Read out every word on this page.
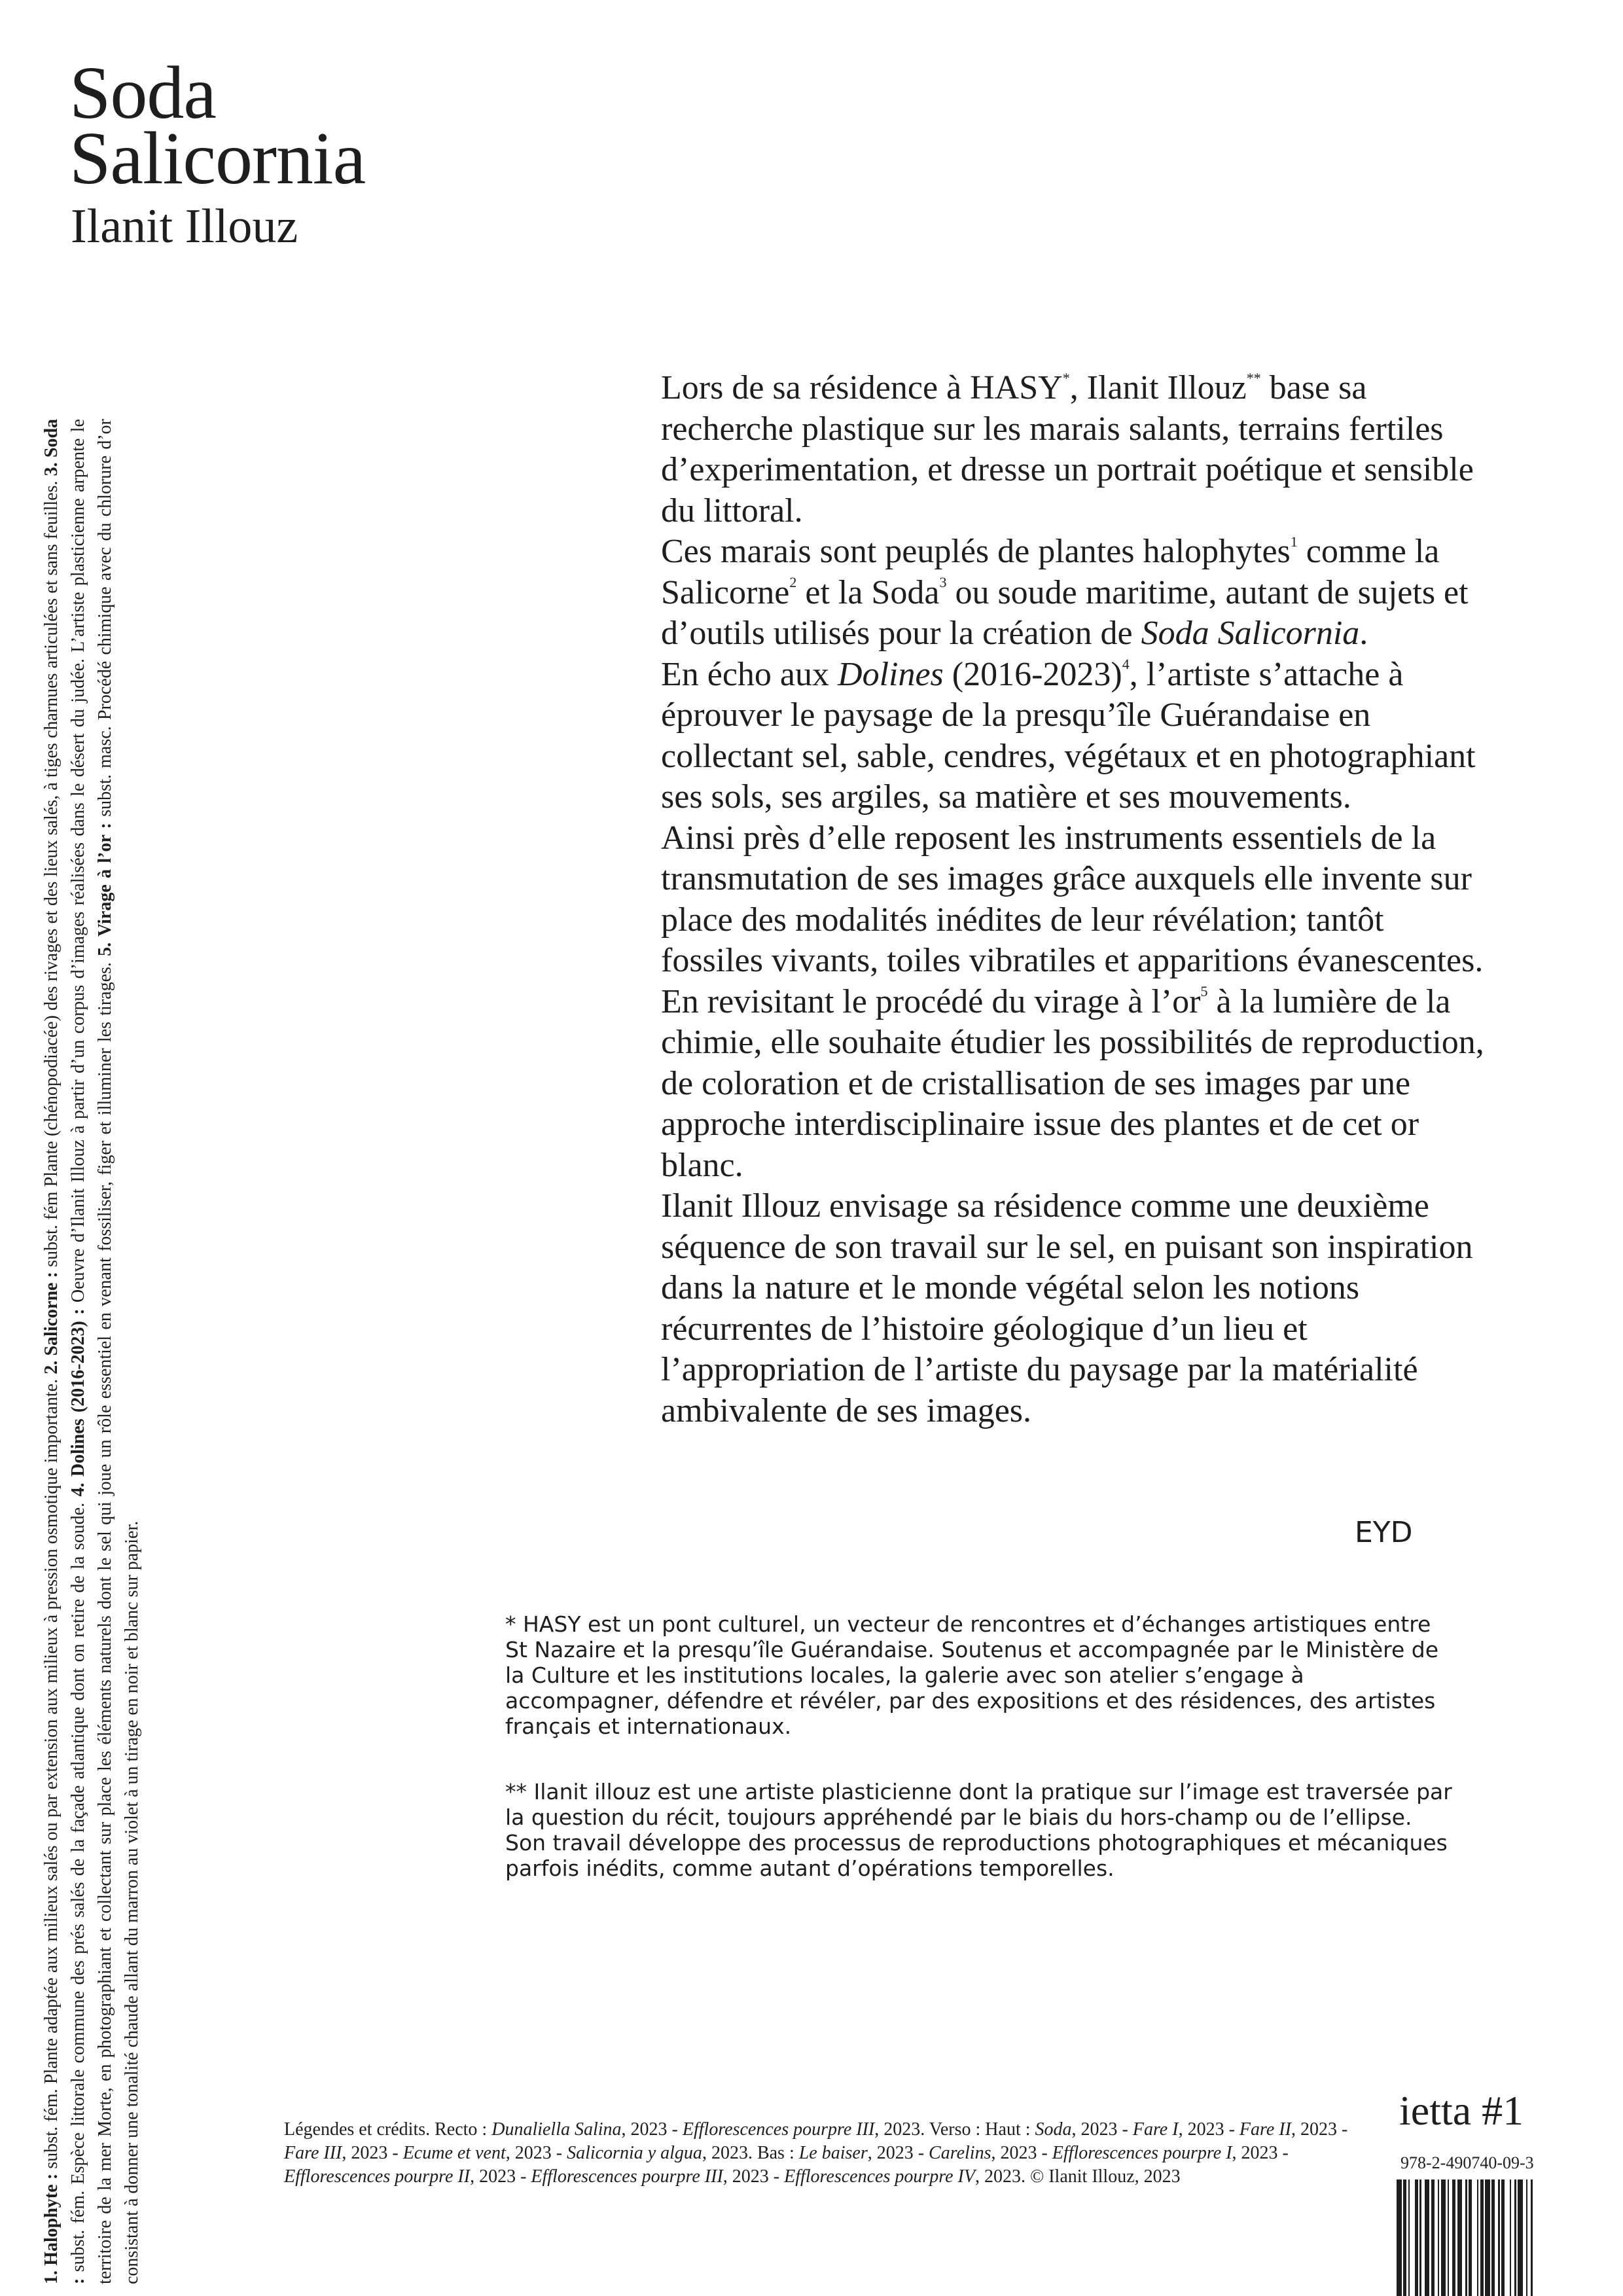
Soda
Salicornia
Ilanit Illouz

Lors de sa résidence à HASY*, Ilanit Illouz** base sa recherche plastique sur les marais salants, terrains fertiles d’experimentation, et dresse un portrait poétique et sensible du littoral.

Ces marais sont peuplés de plantes halophytes$^1$ comme la Salicorne$^2$ et la Soda$^3$ ou soude maritime, autant de sujets et d’outils utilisés pour la création de Soda Salicornia.

En écho aux Dolines (2016-2023)$^4$, l’artiste s’attache à éprouver le paysage de la presqu’île Guérandaise en collectant sel, sable, cendres, végétaux et en photographiant ses sols, ses argiles, sa matière et ses mouvements.

Ainsi près d’elle reposent les instruments essentiels de la transmutation de ses images grâce auxquels elle invente sur place des modalités inédites de leur révélation; tantôt fossiles vivants, toiles vibratiles et apparitions évanescentes. En revisitant le procédé du virage à $l’or^5$ à la lumière de la chimie, elle souhaite étudier les possibilités de reproduction, de coloration et de cristallisation de ses images par une approche interdisciplinaire issue des plantes et de cet or blanc.

Ilanit Illouz envisage sa résidence comme une deuxième séquence de son travail sur le sel, en puisant son inspiration dans la nature et le monde végétal selon les notions récurrentes de l’histoire géologique d’un lieu et l’appropriation de l’artiste du paysage par la matérialité ambivalente de ses images.

EYD

* HASY est un pont culturel, un vecteur de rencontres et d’échanges artistiques entre St Nazaire et la presqu’île Guérandaise. Soutenus et accompagnée par le Ministère de la Culture et les institutions locales, la galerie avec son atelier s’engage à accompagner, défendre et révéler, par des expositions et des résidences, des artistes français et internationaux.

** Ilanit illouz est une artiste plasticienne dont la pratique sur l’image est traversée par la question du récit, toujours appréhendé par le biais du hors-champ ou de l’ellipse. Son travail développe des processus de reproductions photographiques et mécaniques parfois inédits, comme autant d’opérations temporelles.

1. Halophyte : subst. fém. Plante adaptée aux milieux salés ou par extension aux milieux à pression osmotique importante. 2. Salicorne : subst. fém Plante (chénopodiacée) des rivages et des lieux salés, à tiges charnues articulées et sans feuilles. 3. Soda : subst. fém. Espèce littorale commune des prés salés de la façade atlantique dont on retire de la soude. 4. Dolines (2016-2023) : Oeuvre d’Ilanit Illouz à partir d’un corpus d’images réalisées dans le désert du judée. L’artiste plasticienne arpente le territoire de la mer Morte, en photographiant et collectant sur place les éléments naturels dont le sel qui joue un rôle essentiel en venant fossiliser, figer et illuminer les tirages. 5. Virage à l’or : subst. masc. Procédé chimique avec du chlorure d’or consistant à donner une tonalité chaude allant du marron au violet à un tirage en noir et blanc sur papier.	Légendes et crédits. Recto : Dunaliella Salina, 2023 - Efflorescences pourpre III, 2023. Verso : Haut : Soda, 2023 - Fare I, 2023 - Fare II, 2023 - Fare III, 2023 - Ecume et vent, 2023 - Salicornia y algua, 2023. Bas : Le baiser, 2023 - Carelins, 2023 - Efflorescences pourpre I, 2023 - Efflorescences pourpre II, 2023 - Efflorescences pourpre III, 2023 - Efflorescences pourpre IV, 2023. © Ilanit Illouz, 2023
ietta #1
978-2-490740-09-3
